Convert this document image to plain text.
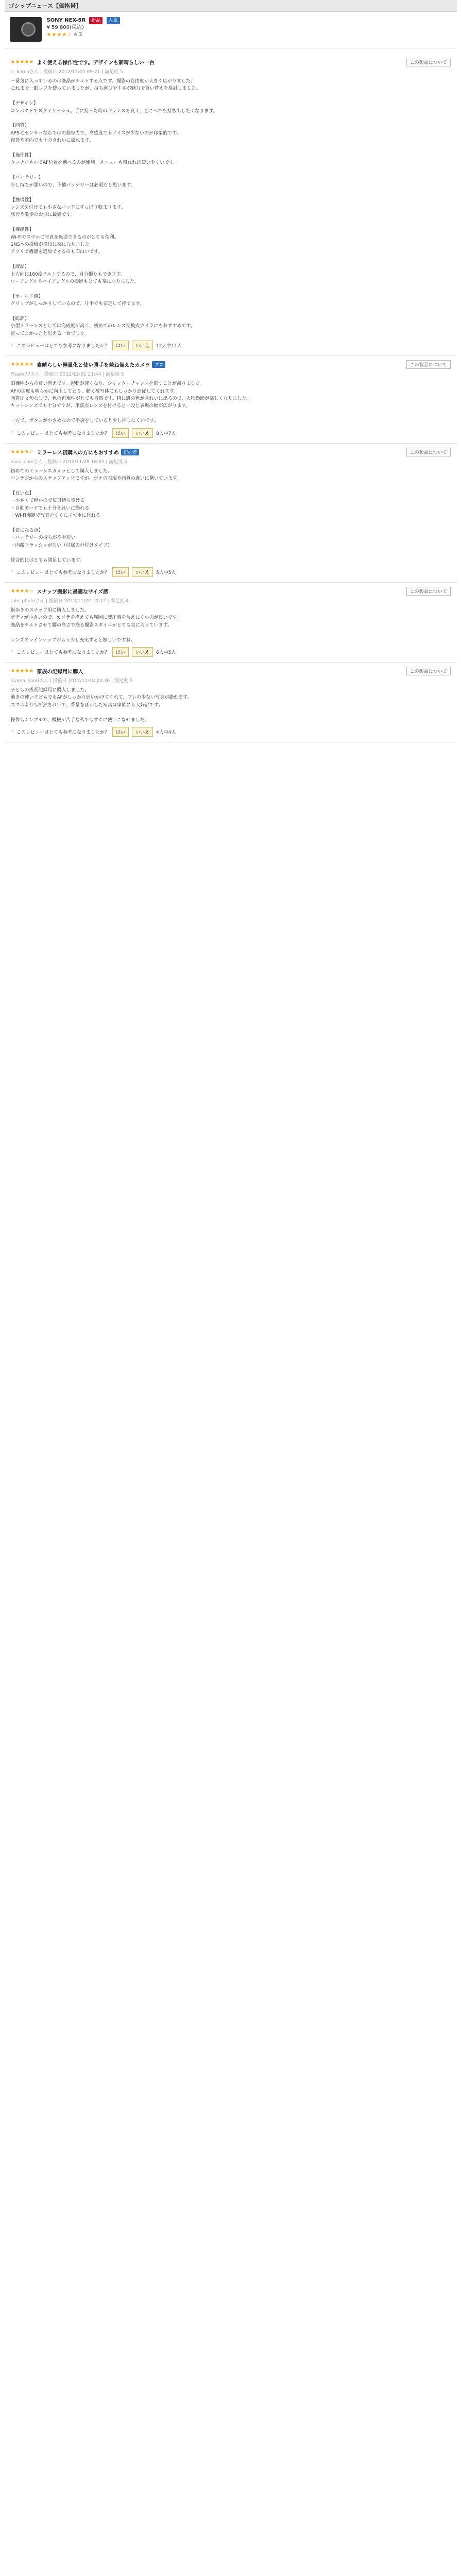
ゴシップニュース【価格帯】
SONY NEX-5R 新品 人気
¥ 59,800(税込)
★★★★☆ 4.3
★★★★★ よく使える操作性です。デザインも素晴らしい一台	この製品について
tr_kamaさん | 投稿日 2012/12/05 09:21 | 満足度 5
一番気に入っているのは液晶がチルトする点です。撮影の自由度が大きく広がりました。
これまで一眼レフを使っていましたが、持ち運びやすさが魅力で買い替えを検討しました。

【デザイン】
コンパクトでスタイリッシュ。手に持った時のバランスも良く、どこへでも持ち出したくなります。

【画質】
APS-Cセンサーならではの描写力で、高感度でもノイズが少ないのが印象的です。
夜景や室内でも十分きれいに撮れます。

【操作性】
タッチパネルでAF位置を選べるのが便利。メニューも慣れれば使いやすいです。

【バッテリー】
少し持ちが悪いので、予備バッテリーは必須だと思います。

【携帯性】
レンズを付けても小さなバッグにすっぽり収まります。
旅行や散歩のお供に最適です。

【機能性】
Wi-Fiでスマホに写真を転送できるのがとても便利。
SNSへの投稿が格段に楽になりました。
アプリで機能を追加できるのも面白いです。

【液晶】
上方向に180度チルトするので、自分撮りもできます。
ローアングルやハイアングルの撮影もとても楽になりました。

【ホールド感】
グリップがしっかりしているので、片手でも安定して持てます。

【総評】
小型ミラーレスとしては完成度が高く、初めてのレンズ交換式カメラにもおすすめです。
買ってよかったと思える一台でした。
☝ このレビューはとても参考になりましたか？	はい	いいえ	12人中11人
★★★★★ 素晴らしい軽量化と使い勝手を兼ね備えたカメラ プロ	この製品について
Picaro77さん | 投稿日 2012/12/01 21:44 | 満足度 5
旧機種からの買い替えです。起動が速くなり、シャッターチャンスを逃すことが減りました。
AFの速度も明らかに向上しており、動く被写体にもしっかり追従してくれます。
画質は文句なしで、色の再現性がとても自然です。特に肌の色がきれいに出るので、人物撮影が楽しくなりました。
キットレンズでも十分ですが、単焦点レンズを付けると一段と表現の幅が広がります。

一方で、ボタンが小さめなので手袋をしていると少し押しにくいです。
☝ このレビューはとても参考になりましたか？	はい	いいえ	8人中7人
★★★★☆ ミラーレス初購入の方にもおすすめ 初心者	この製品について
kazu_camさん | 投稿日 2012/11/28 18:05 | 満足度 4
初めてのミラーレスカメラとして購入しました。
コンデジからのステップアップですが、ボケの表現や画質の違いに驚いています。

【良い点】
・小さくて軽いので毎日持ち歩ける
・自動モードでも十分きれいに撮れる
・Wi-Fi機能で写真をすぐにスマホに送れる

【気になる点】
・バッテリーの持ちがやや短い
・内蔵フラッシュがない（付属の外付けタイプ）

総合的にはとても満足しています。
☝ このレビューはとても参考になりましたか？	はい	いいえ	5人中5人
★★★★☆ スナップ撮影に最適なサイズ感	この製品について
tabi_photoさん | 投稿日 2012/11/22 10:12 | 満足度 4
街歩きのスナップ用に購入しました。
ボディが小さいので、カメラを構えても周囲に威圧感を与えにくいのが良いです。
液晶をチルトさせて腰の高さで撮る撮影スタイルがとても気に入っています。

レンズのラインナップがもう少し充実すると嬉しいですね。
☝ このレビューはとても参考になりましたか？	はい	いいえ	6人中5人
★★★★★ 家族の記録用に購入	この製品について
mama_kaoriさん | 投稿日 2012/11/18 22:30 | 満足度 5
子どもの成長記録用に購入しました。
動きの速い子どもでもAFがしっかり追いかけてくれて、ブレの少ない写真が撮れます。
スマホよりも断然きれいで、背景をぼかした写真は家族にも大好評です。

操作もシンプルで、機械が苦手な私でもすぐに使いこなせました。
☝ このレビューはとても参考になりましたか？	はい	いいえ	4人中4人
